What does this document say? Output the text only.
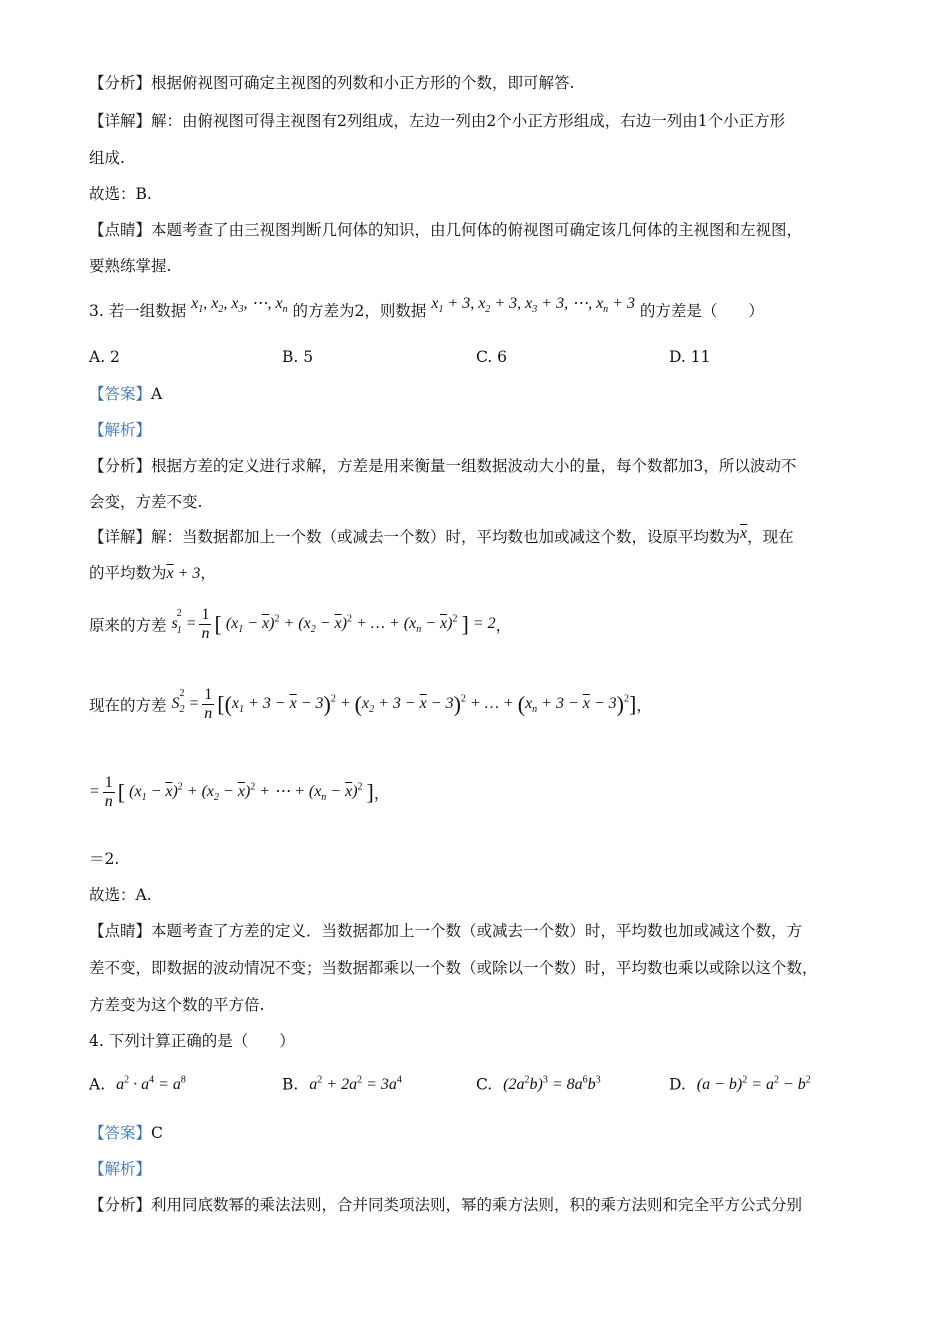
【分析】根据俯视图可确定主视图的列数和小正方形的个数，即可解答.
【详解】解：由俯视图可得主视图有2列组成，左边一列由2个小正方形组成，右边一列由1个小正方形
组成.
故选：B.
【点睛】本题考查了由三视图判断几何体的知识，由几何体的俯视图可确定该几何体的主视图和左视图，
要熟练掌握.
3. 若一组数据 $x_1$, $x_2$, $x_3$, ⋯, $x_n$ 的方差为2，则数据 $x_1 + 3$, $x_2 + 3$, $x_3 + 3$, ⋯, $x_n + 3$ 的方差是（　　）
A. 2	B. 5	C. 6	D. 11
【答案】A
【解析】
【分析】根据方差的定义进行求解，方差是用来衡量一组数据波动大小的量，每个数都加3，所以波动不
会变，方差不变.
【详解】解：当数据都加上一个数（或减去一个数）时，平均数也加或减这个数，设原平均数为$\overline{x}$，现在
的平均数为$\overline{x} + 3$，
原来的方差 $s_1^2 = \frac{1}{n}$ [ $(x_1 - \overline{x})^2 + (x_2 - \overline{x})^2$ + … + $(x_n - \overline{x})^2$ ] = 2，
现在的方差 $S_2^2 = \frac{1}{n} [(x_1 + 3 - \overline{x} - 3)^2 + (x_2 + 3 - \overline{x} - 3)^2$ + … + $(x_n + 3 - \overline{x} - 3)^2$]，
= $\frac{1}{n}$ [ $(x_1 - \overline{x})^2 + (x_2 - \overline{x})^2$ + ⋯ + $(x_n - \overline{x})^2$ ]，
＝2.
故选：A.
【点睛】本题考查了方差的定义．当数据都加上一个数（或减去一个数）时，平均数也加或减这个数，方
差不变，即数据的波动情况不变；当数据都乘以一个数（或除以一个数）时，平均数也乘以或除以这个数，
方差变为这个数的平方倍.
4. 下列计算正确的是（　　）
A. $a^2 \cdot a^4 = a^8$	B. $a^2 + 2a^2 = 3a^4$	C. $(2a^2b)^3 = 8a^6b^3$	D. $(a - b)^2 = a^2 - b^2$
【答案】C
【解析】
【分析】利用同底数幂的乘法法则，合并同类项法则，幂的乘方法则，积的乘方法则和完全平方公式分别
